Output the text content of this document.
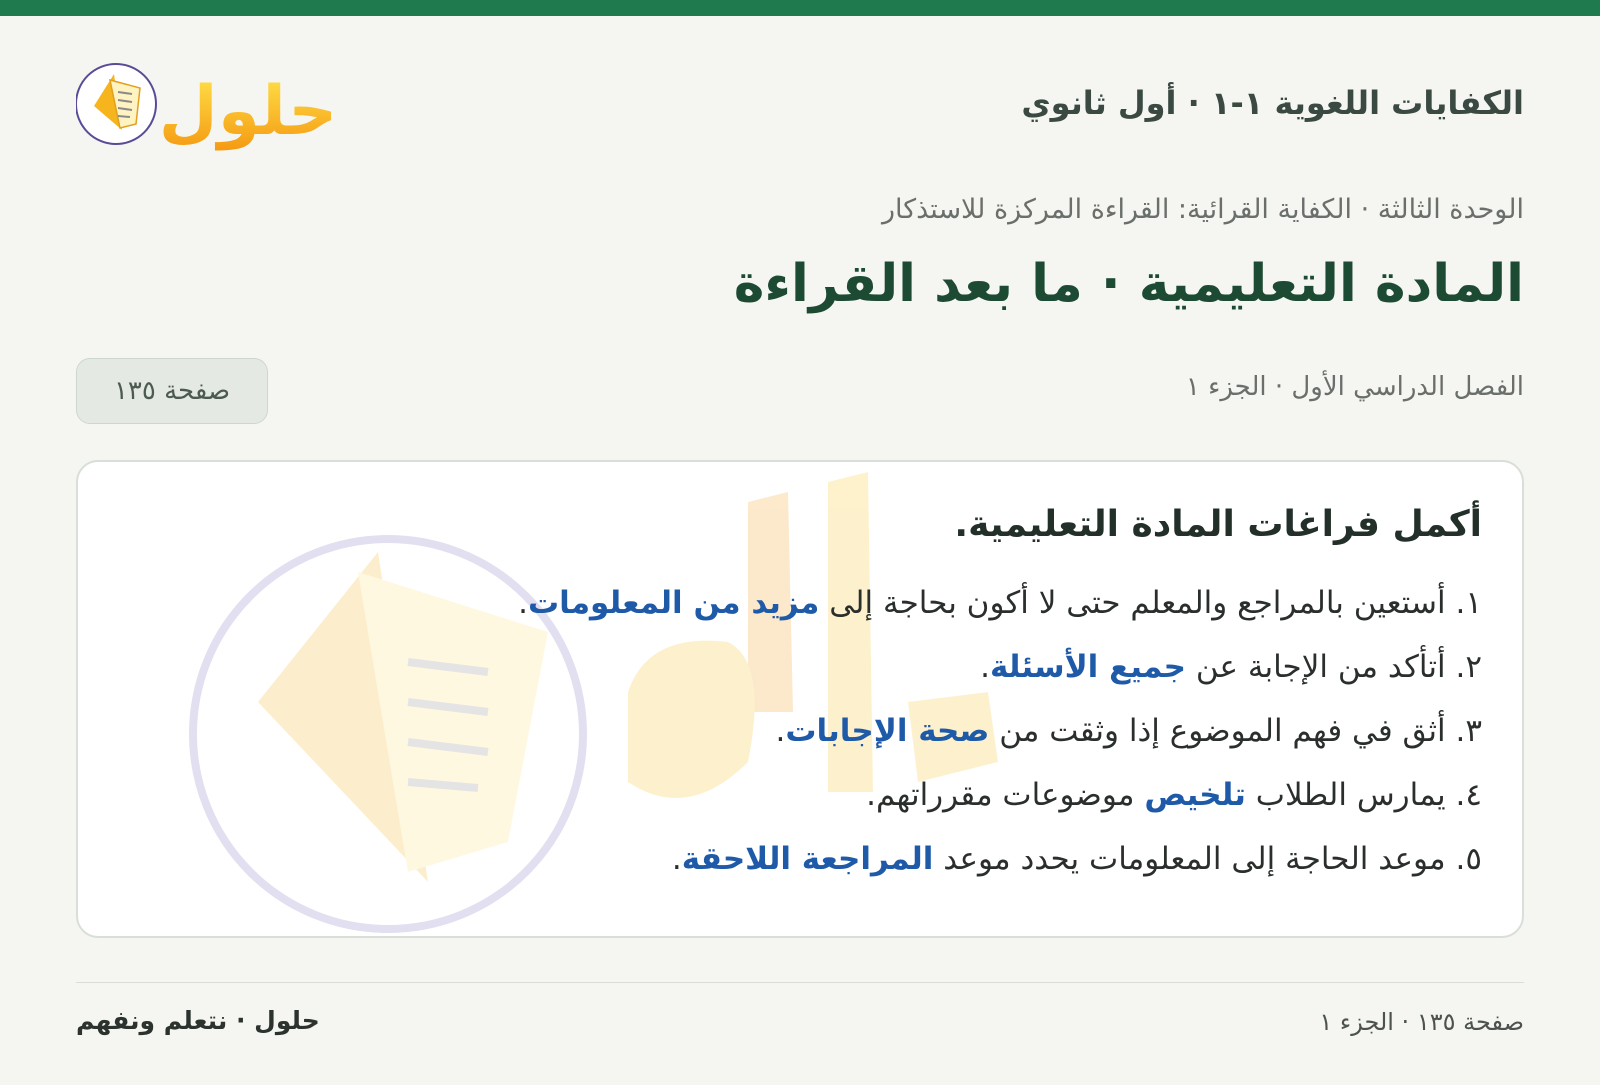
الكفايات اللغوية ١-١ · أول ثانوي
حلول
الوحدة الثالثة · الكفاية القرائية: القراءة المركزة للاستذكار
المادة التعليمية · ما بعد القراءة
الفصل الدراسي الأول · الجزء ١
صفحة ١٣٥
أكمل فراغات المادة التعليمية.
١. أستعين بالمراجع والمعلم حتى لا أكون بحاجة إلى مزيد من المعلومات.
٢. أتأكد من الإجابة عن جميع الأسئلة.
٣. أثق في فهم الموضوع إذا وثقت من صحة الإجابات.
٤. يمارس الطلاب تلخيص موضوعات مقرراتهم.
٥. موعد الحاجة إلى المعلومات يحدد موعد المراجعة اللاحقة.
صفحة ١٣٥ · الجزء ١
حلول · نتعلم ونفهم
